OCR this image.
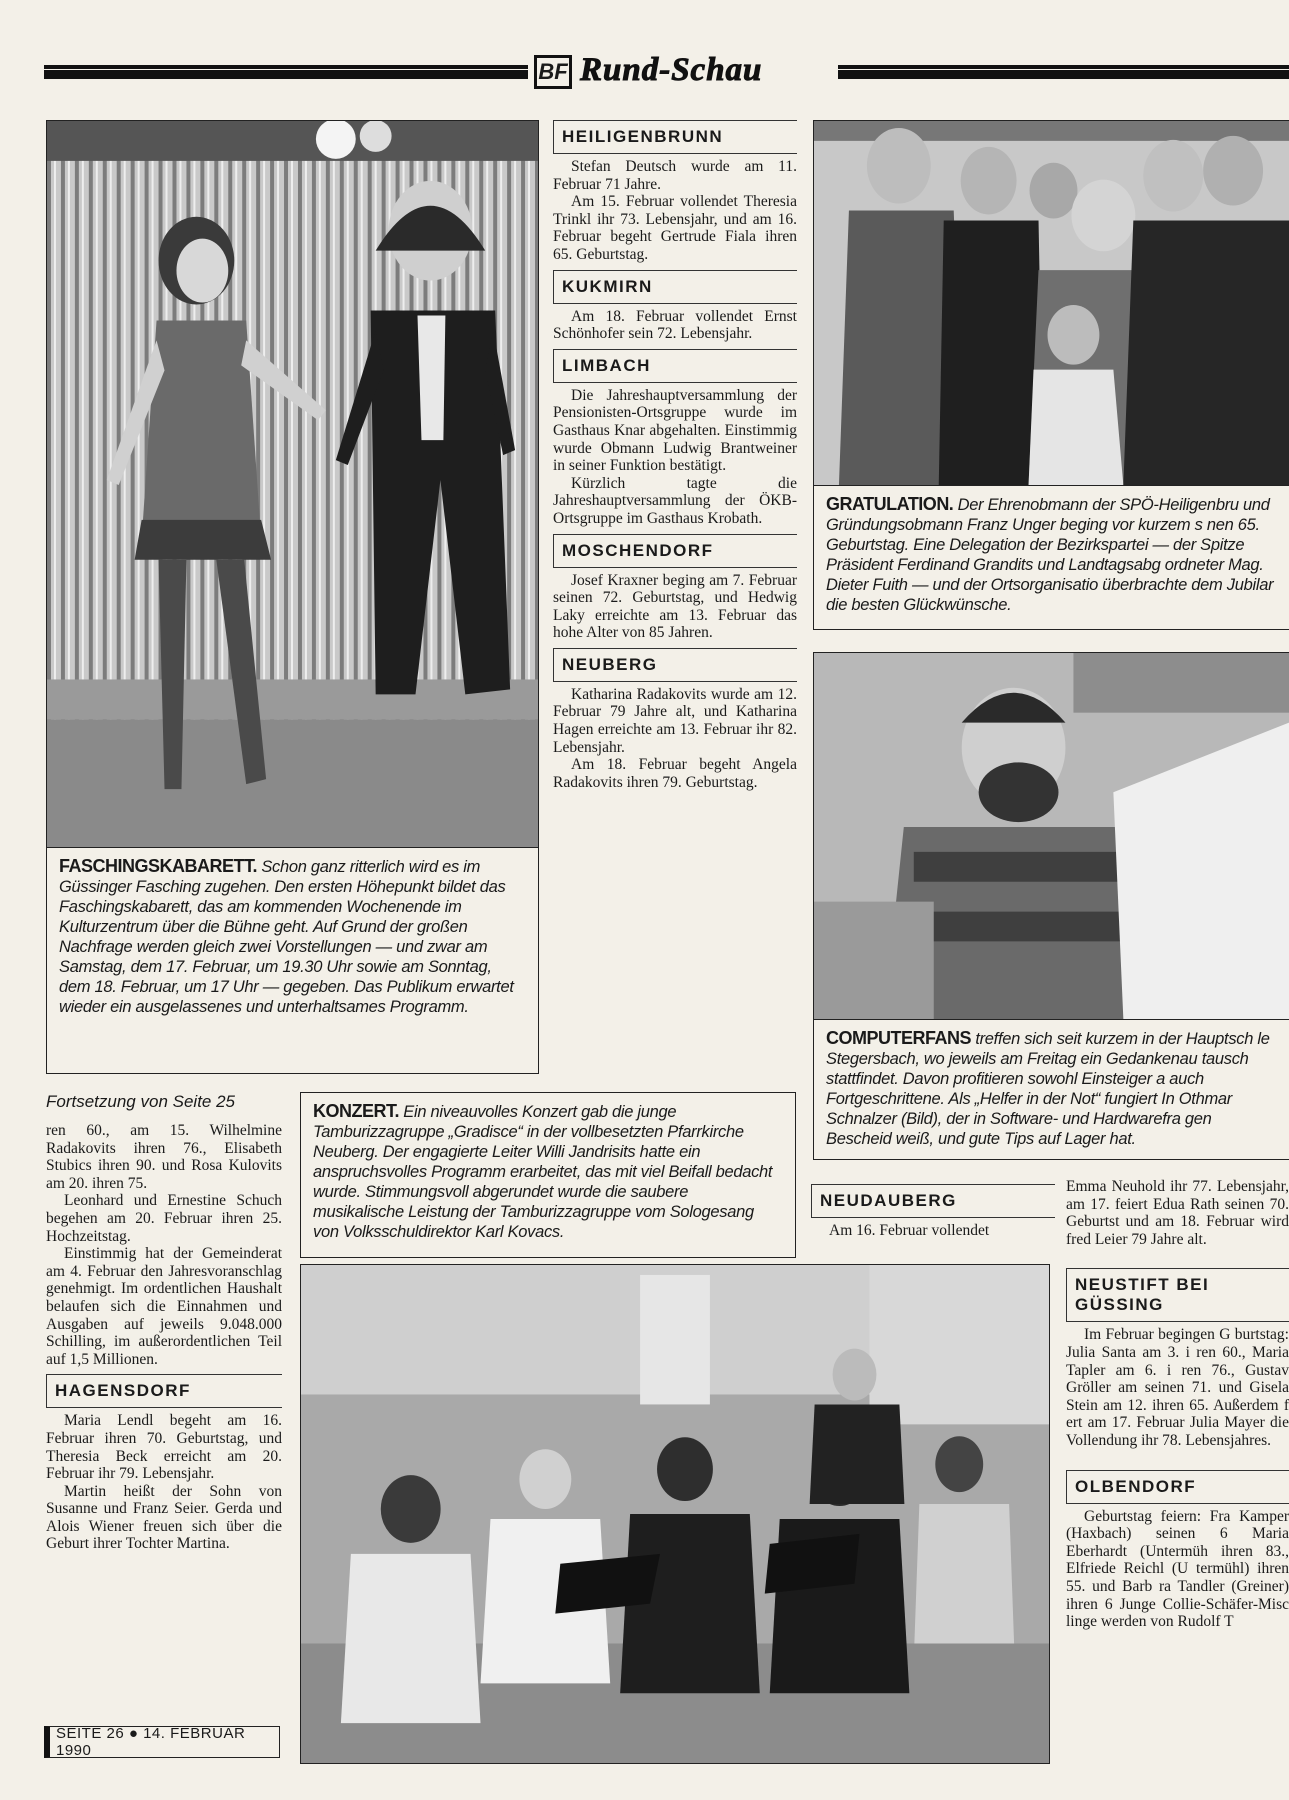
BF Rund-Schau
FASCHINGSKABARETT. Schon ganz ritterlich wird es im Güssinger Fasching zugehen. Den ersten Höhepunkt bildet das Faschingskabarett, das am kommenden Wochenende im Kulturzentrum über die Bühne geht. Auf Grund der großen Nachfrage werden gleich zwei Vorstellungen — und zwar am Samstag, dem 17. Februar, um 19.30 Uhr sowie am Sonntag, dem 18. Februar, um 17 Uhr — gegeben. Das Publikum erwartet wieder ein ausgelassenes und unterhaltsames Programm.
HEILIGENBRUNN

Stefan Deutsch wurde am 11. Februar 71 Jahre.

Am 15. Februar vollendet Theresia Trinkl ihr 73. Lebensjahr, und am 16. Februar begeht Gertrude Fiala ihren 65. Geburtstag.

KUKMIRN

Am 18. Februar vollendet Ernst Schönhofer sein 72. Lebensjahr.

LIMBACH

Die Jahreshauptversammlung der Pensionisten-Ortsgruppe wurde im Gasthaus Knar abgehalten. Einstimmig wurde Obmann Ludwig Brantweiner in seiner Funktion bestätigt.

Kürzlich tagte die Jahreshauptversammlung der ÖKB-Ortsgruppe im Gasthaus Krobath.

MOSCHENDORF

Josef Kraxner beging am 7. Februar seinen 72. Geburtstag, und Hedwig Laky erreichte am 13. Februar das hohe Alter von 85 Jahren.

NEUBERG

Katharina Radakovits wurde am 12. Februar 79 Jahre alt, und Katharina Hagen erreichte am 13. Februar ihr 82. Lebensjahr.

Am 18. Februar begeht Angela Radakovits ihren 79. Geburtstag.

GRATULATION. Der Ehrenobmann der SPÖ-Heiligenbru und Gründungsobmann Franz Unger beging vor kurzem s nen 65. Geburtstag. Eine Delegation der Bezirkspartei — der Spitze Präsident Ferdinand Grandits und Landtagsabg ordneter Mag. Dieter Fuith — und der Ortsorganisatio überbrachte dem Jubilar die besten Glückwünsche.
COMPUTERFANS treffen sich seit kurzem in der Hauptsch le Stegersbach, wo jeweils am Freitag ein Gedankenau tausch stattfindet. Davon profitieren sowohl Einsteiger a auch Fortgeschrittene. Als „Helfer in der Not“ fungiert In Othmar Schnalzer (Bild), der in Software- und Hardwarefra gen Bescheid weiß, und gute Tips auf Lager hat.
Fortsetzung von Seite 25

ren 60., am 15. Wilhelmine Radakovits ihren 76., Elisabeth Stubics ihren 90. und Rosa Kulovits am 20. ihren 75.

Leonhard und Ernestine Schuch begehen am 20. Februar ihren 25. Hochzeitstag.

Einstimmig hat der Gemeinderat am 4. Februar den Jahresvoranschlag genehmigt. Im ordentlichen Haushalt belaufen sich die Einnahmen und Ausgaben auf jeweils 9.048.000 Schilling, im außerordentlichen Teil auf 1,5 Millionen.

HAGENSDORF

Maria Lendl begeht am 16. Februar ihren 70. Geburtstag, und Theresia Beck erreicht am 20. Februar ihr 79. Lebensjahr.

Martin heißt der Sohn von Susanne und Franz Seier. Gerda und Alois Wiener freuen sich über die Geburt ihrer Tochter Martina.

KONZERT. Ein niveauvolles Konzert gab die junge Tamburizzagruppe „Gradisce“ in der vollbesetzten Pfarrkirche Neuberg. Der engagierte Leiter Willi Jandrisits hatte ein anspruchsvolles Programm erarbeitet, das mit viel Beifall bedacht wurde. Stimmungsvoll abgerundet wurde die saubere musikalische Leistung der Tamburizzagruppe vom Sologesang von Volksschuldirektor Karl Kovacs.
NEUDAUBERG

Am 16. Februar vollendet

Emma Neuhold ihr 77. Lebensjahr, am 17. feiert Edua Rath seinen 70. Geburtst und am 18. Februar wird fred Leier 79 Jahre alt.

NEUSTIFT BEI GÜSSING

Im Februar begingen G burtstag: Julia Santa am 3. i ren 60., Maria Tapler am 6. i ren 76., Gustav Gröller am seinen 71. und Gisela Stein am 12. ihren 65. Außerdem f ert am 17. Februar Julia Mayer die Vollendung ihr 78. Lebensjahres.

OLBENDORF

Geburtstag feiern: Fra Kamper (Haxbach) seinen 6 Maria Eberhardt (Untermüh ihren 83., Elfriede Reichl (U termühl) ihren 55. und Barb ra Tandler (Greiner) ihren 6 Junge Collie-Schäfer-Misc linge werden von Rudolf T

SEITE 26 ● 14. FEBRUAR 1990
